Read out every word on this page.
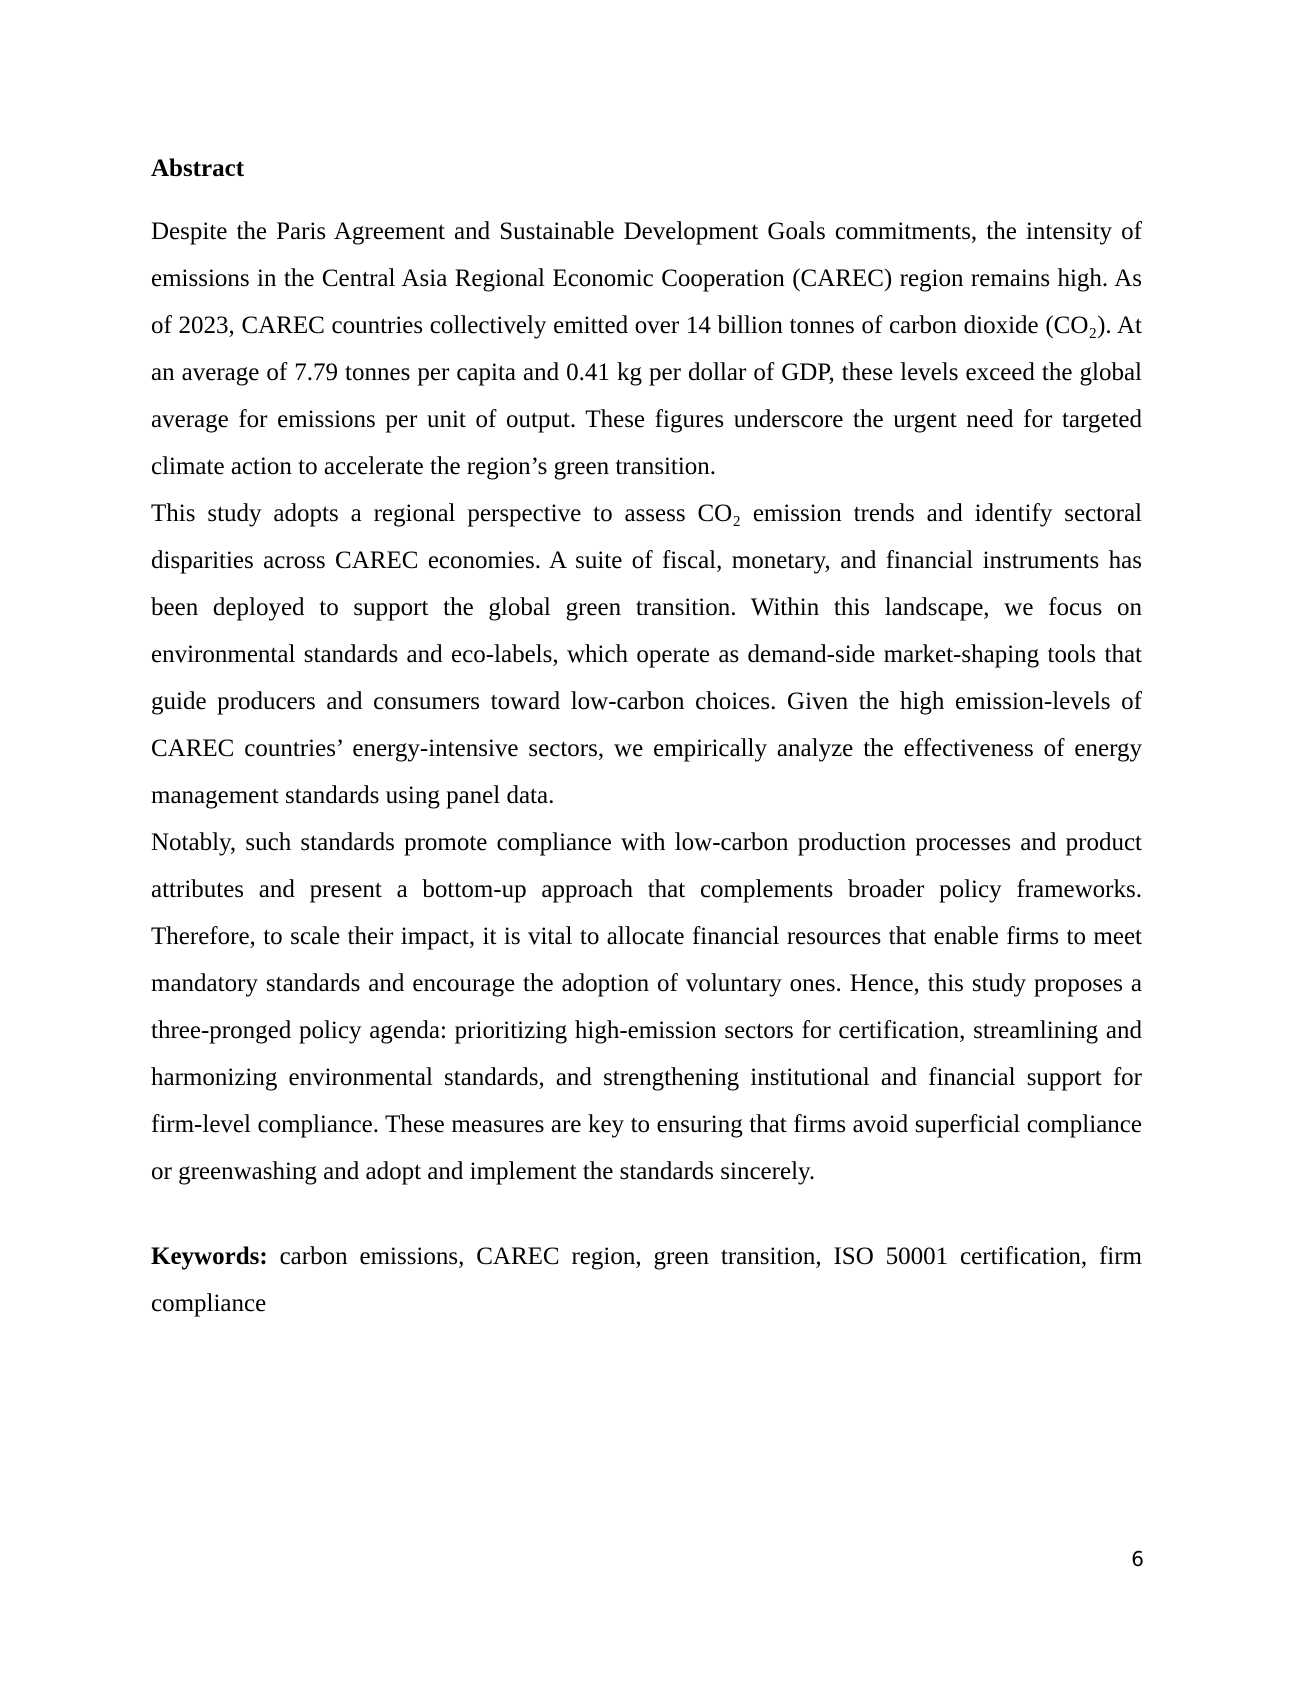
Abstract

Despite the Paris Agreement and Sustainable Development Goals commitments, the intensity of emissions in the Central Asia Regional Economic Cooperation (CAREC) region remains high. As of 2023, CAREC countries collectively emitted over 14 billion tonnes of carbon dioxide (CO₂). At an average of 7.79 tonnes per capita and 0.41 kg per dollar of GDP, these levels exceed the global average for emissions per unit of output. These figures underscore the urgent need for targeted climate action to accelerate the region’s green transition.

This study adopts a regional perspective to assess CO₂ emission trends and identify sectoral disparities across CAREC economies. A suite of fiscal, monetary, and financial instruments has been deployed to support the global green transition. Within this landscape, we focus on environmental standards and eco-labels, which operate as demand-side market-shaping tools that guide producers and consumers toward low-carbon choices. Given the high emission-levels of CAREC countries’ energy-intensive sectors, we empirically analyze the effectiveness of energy management standards using panel data.

Notably, such standards promote compliance with low-carbon production processes and product attributes and present a bottom-up approach that complements broader policy frameworks. Therefore, to scale their impact, it is vital to allocate financial resources that enable firms to meet mandatory standards and encourage the adoption of voluntary ones. Hence, this study proposes a three-pronged policy agenda: prioritizing high-emission sectors for certification, streamlining and harmonizing environmental standards, and strengthening institutional and financial support for firm-level compliance. These measures are key to ensuring that firms avoid superficial compliance or greenwashing and adopt and implement the standards sincerely.

Keywords: carbon emissions, CAREC region, green transition, ISO 50001 certification, firm compliance

6
